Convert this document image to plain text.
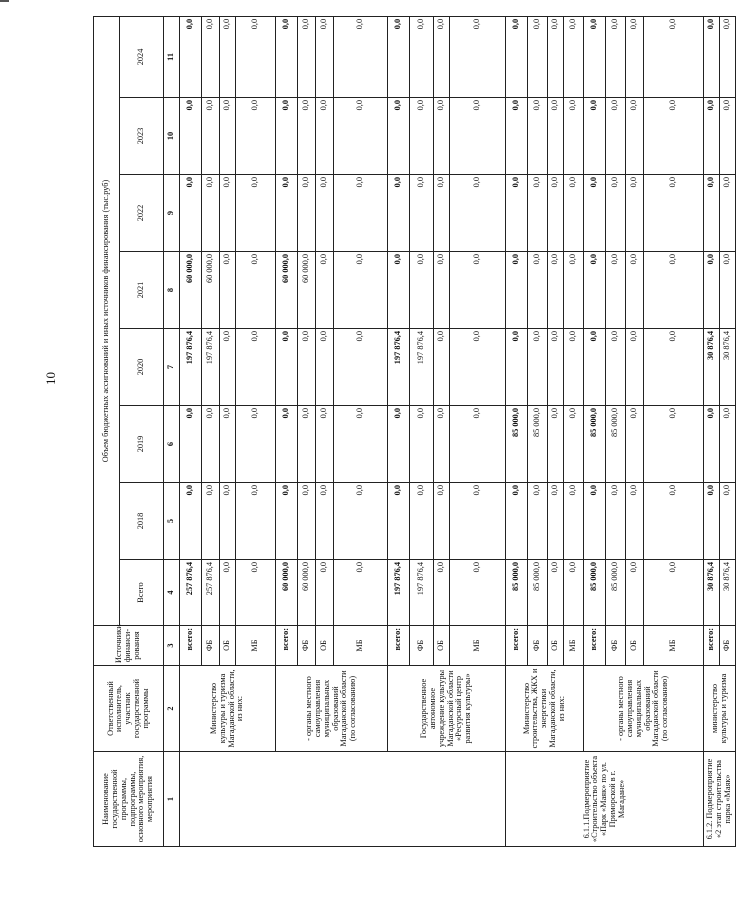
10
Наименование государственной программы, подпрограммы, основного мероприятия, мероприятия	Ответственный исполнитель, участник государственной программы	Источники финанси-рования	Объем бюджетных ассигнований и иных источников финансирования (тыс.руб)							
			Всего	2018	2019	2020	2021	2022	2023	2024
1	2	3	4	5	6	7	8	9	10	11
	Министерство культуры и туризма Магаданской области, из них:	всего:	257 876,4	0,0	0,0	197 876,4	60 000,0	0,0	0,0	0,0
		ФБ	257 876,4	0,0	0,0	197 876,4	60 000,0	0,0	0,0	0,0
		ОБ	0,0	0,0	0,0	0,0	0,0	0,0	0,0	0,0
		МБ	0,0	0,0	0,0	0,0	0,0	0,0	0,0	0,0
	- органы местного самоуправления муниципальных образований Магаданской области (по согласованию)	всего:	60 000,0	0,0	0,0	0,0	60 000,0	0,0	0,0	0,0
		ФБ	60 000,0	0,0	0,0	0,0	60 000,0	0,0	0,0	0,0
		ОБ	0,0	0,0	0,0	0,0	0,0	0,0	0,0	0,0
		МБ	0,0	0,0	0,0	0,0	0,0	0,0	0,0	0,0
	Государственное автономное учреждение культуры Магаданской области «Ресурсный центр развития культуры»	всего:	197 876,4	0,0	0,0	197 876,4	0,0	0,0	0,0	0,0
		ФБ	197 876,4	0,0	0,0	197 876,4	0,0	0,0	0,0	0,0
		ОБ	0,0	0,0	0,0	0,0	0,0	0,0	0,0	0,0
		МБ	0,0	0,0	0,0	0,0	0,0	0,0	0,0	0,0
6.1.1.Подмероприятие «Строительство объекта «Парк «Маяк» по ул. Приморской в г. Магадане»	Министерство строительства, ЖКХ и энергетики Магаданской области, из них:	всего:	85 000,0	0,0	85 000,0	0,0	0,0	0,0	0,0	0,0
		ФБ	85 000,0	0,0	85 000,0	0,0	0,0	0,0	0,0	0,0
		ОБ	0,0	0,0	0,0	0,0	0,0	0,0	0,0	0,0
		МБ	0,0	0,0	0,0	0,0	0,0	0,0	0,0	0,0
	- органы местного самоуправления муниципальных образований Магаданской области (по согласованию)	всего:	85 000,0	0,0	85 000,0	0,0	0,0	0,0	0,0	0,0
		ФБ	85 000,0	0,0	85 000,0	0,0	0,0	0,0	0,0	0,0
		ОБ	0,0	0,0	0,0	0,0	0,0	0,0	0,0	0,0
		МБ	0,0	0,0	0,0	0,0	0,0	0,0	0,0	0,0
6.1.2. Подмероприятие «2 этап строительства парка «Маяк»	министерство культуры и туризма	всего:	30 876,4	0,0	0,0	30 876,4	0,0	0,0	0,0	0,0
		ФБ	30 876,4	0,0	0,0	30 876,4	0,0	0,0	0,0	0,0
